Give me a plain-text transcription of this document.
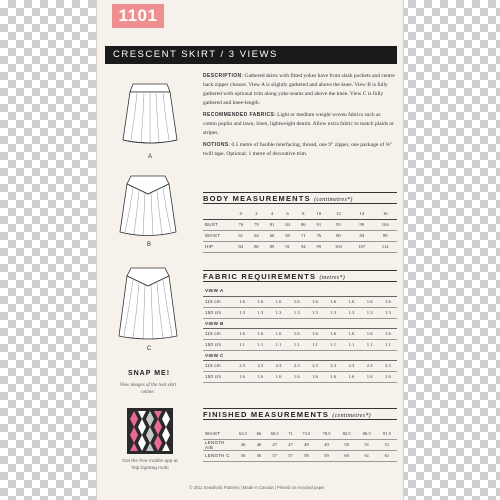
1101
CRESCENT SKIRT / 3 VIEWS
A
B
C

DESCRIPTION: Gathered skirts with fitted yokes have front slash pockets and centre back zipper closure. View A is slightly gathered and above the knee. View B is fully gathered with optional trim along yoke seams and above the knee. View C is fully gathered and knee-length.

RECOMMENDED FABRICS: Light or medium weight woven fabrics such as cotton poplin and lawn, linen, lightweight denim. Allow extra fabric to match plaids or stripes.

NOTIONS: 0.5 metre of fusible interfacing, thread, one 9" zipper, one package of ⅝" twill tape. Optional: 1 metre of decorative trim.

BODY MEASUREMENTS (centimetres*)
	0	2	4	6	8	10	12	14	16
BUST	76	79	81	84	86	91	95	99	104
WAIST	61	64	66	69	71	76	80	84	89
HIP	84	86	89	91	94	99	103	107	112
FABRIC REQUIREMENTS (metres*)
VIEW A									
115 cm	1.6	1.6	1.6	1.6	1.6	1.6	1.6	1.6	1.6
150 cm	1.3	1.3	1.3	1.3	1.3	1.3	1.3	1.3	1.3
VIEW B									
115 cm	1.6	1.6	1.6	1.6	1.6	1.6	1.6	1.6	1.6
150 cm	1.1	1.1	1.1	1.1	1.1	1.1	1.1	1.1	1.1
VIEW C									
115 cm	2.3	2.3	2.3	2.3	2.3	2.3	2.3	2.3	2.3
150 cm	1.6	1.6	1.6	1.6	1.6	1.6	1.6	1.6	1.6
FINISHED MEASUREMENTS (centimetres*)
WAIST	63.5	66	68.5	71	73.5	78.5	82.5	86.5	91.5
LENGTH A/B	46	46	47	47	48	49	50	51	51
LENGTH C	56	56	57	57	58	59	60	61	61
SNAP ME!
View images of the real skirt online.
Get the free mobile app at http://gettag.mobi
© 2011 Sewaholic Patterns | Made in Canada | Printed on recycled paper
